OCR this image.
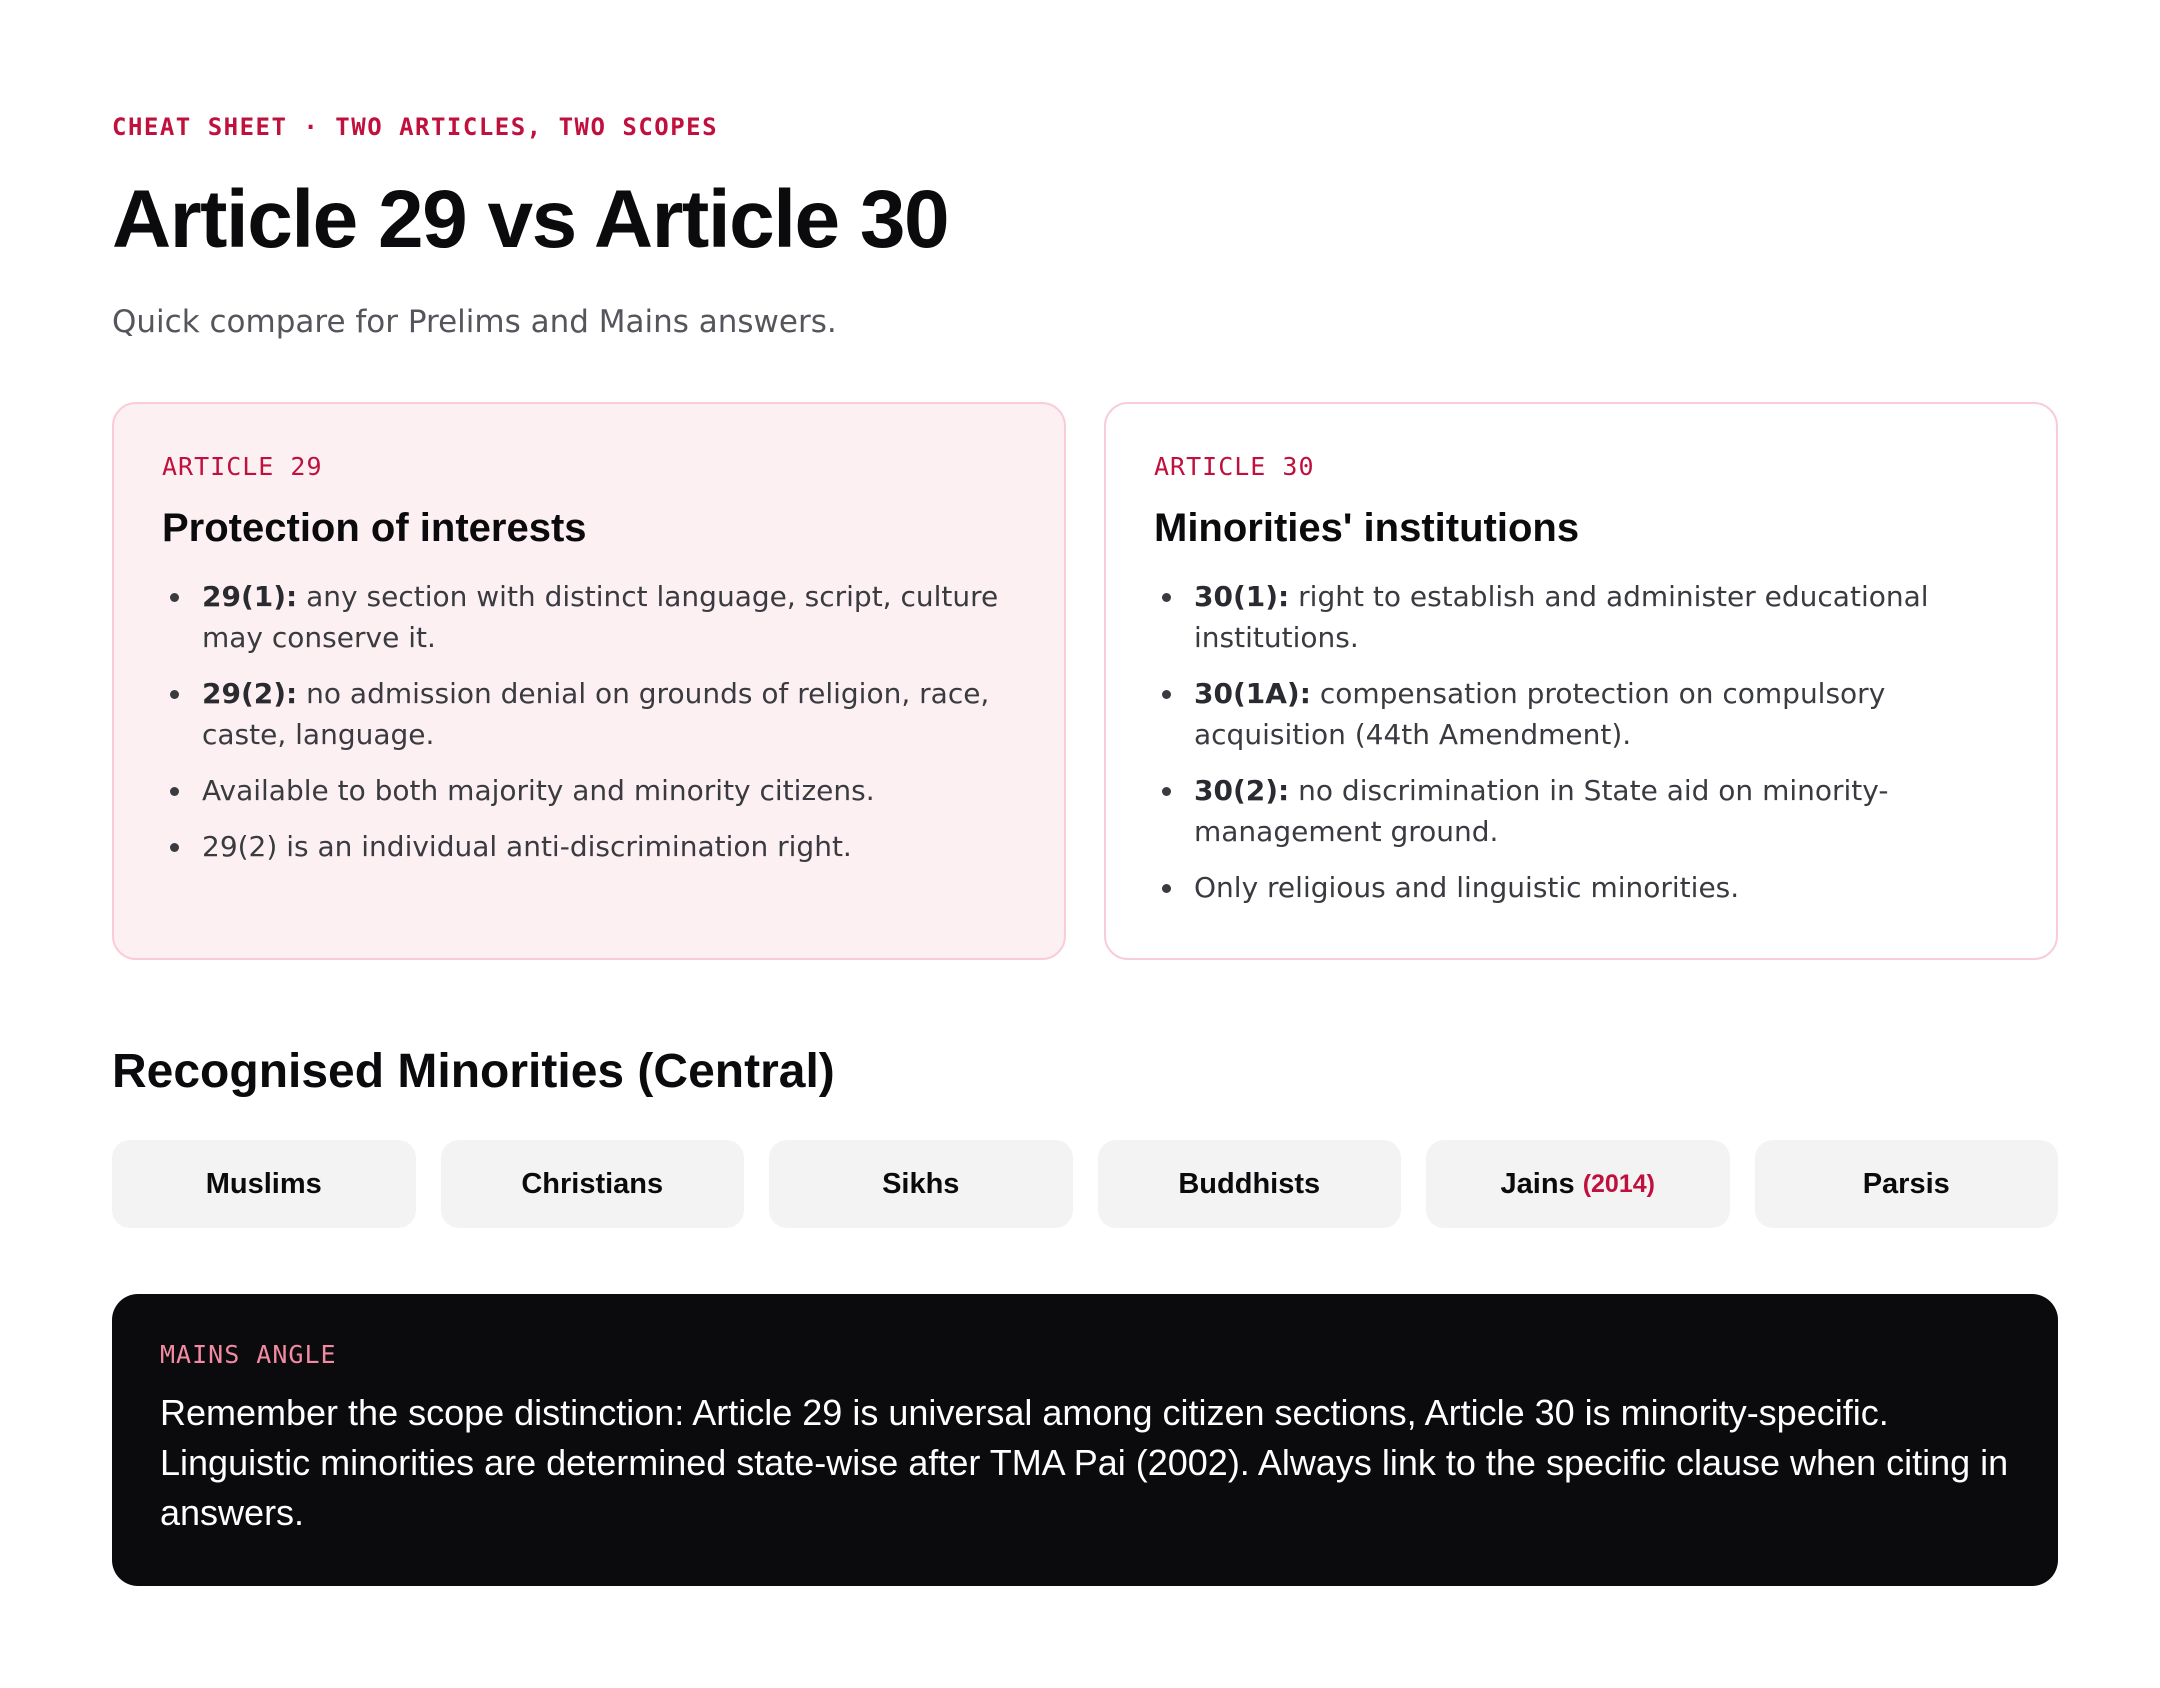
CHEAT SHEET · TWO ARTICLES, TWO SCOPES
Article 29 vs Article 30

Quick compare for Prelims and Mains answers.

ARTICLE 29
Protection of interests
29(1): any section with distinct language, script, culture may conserve it.
29(2): no admission denial on grounds of religion, race, caste, language.
Available to both majority and minority citizens.
29(2) is an individual anti-discrimination right.
ARTICLE 30
Minorities' institutions
30(1): right to establish and administer educational institutions.
30(1A): compensation protection on compulsory acquisition (44th Amendment).
30(2): no discrimination in State aid on minority-management ground.
Only religious and linguistic minorities.
Recognised Minorities (Central)
Muslims	Christians	Sikhs	Buddhists	Jains (2014)	Parsis
MAINS ANGLE
Remember the scope distinction: Article 29 is universal among citizen sections, Article 30 is minority-specific. Linguistic minorities are determined state-wise after TMA Pai (2002). Always link to the specific clause when citing in answers.
